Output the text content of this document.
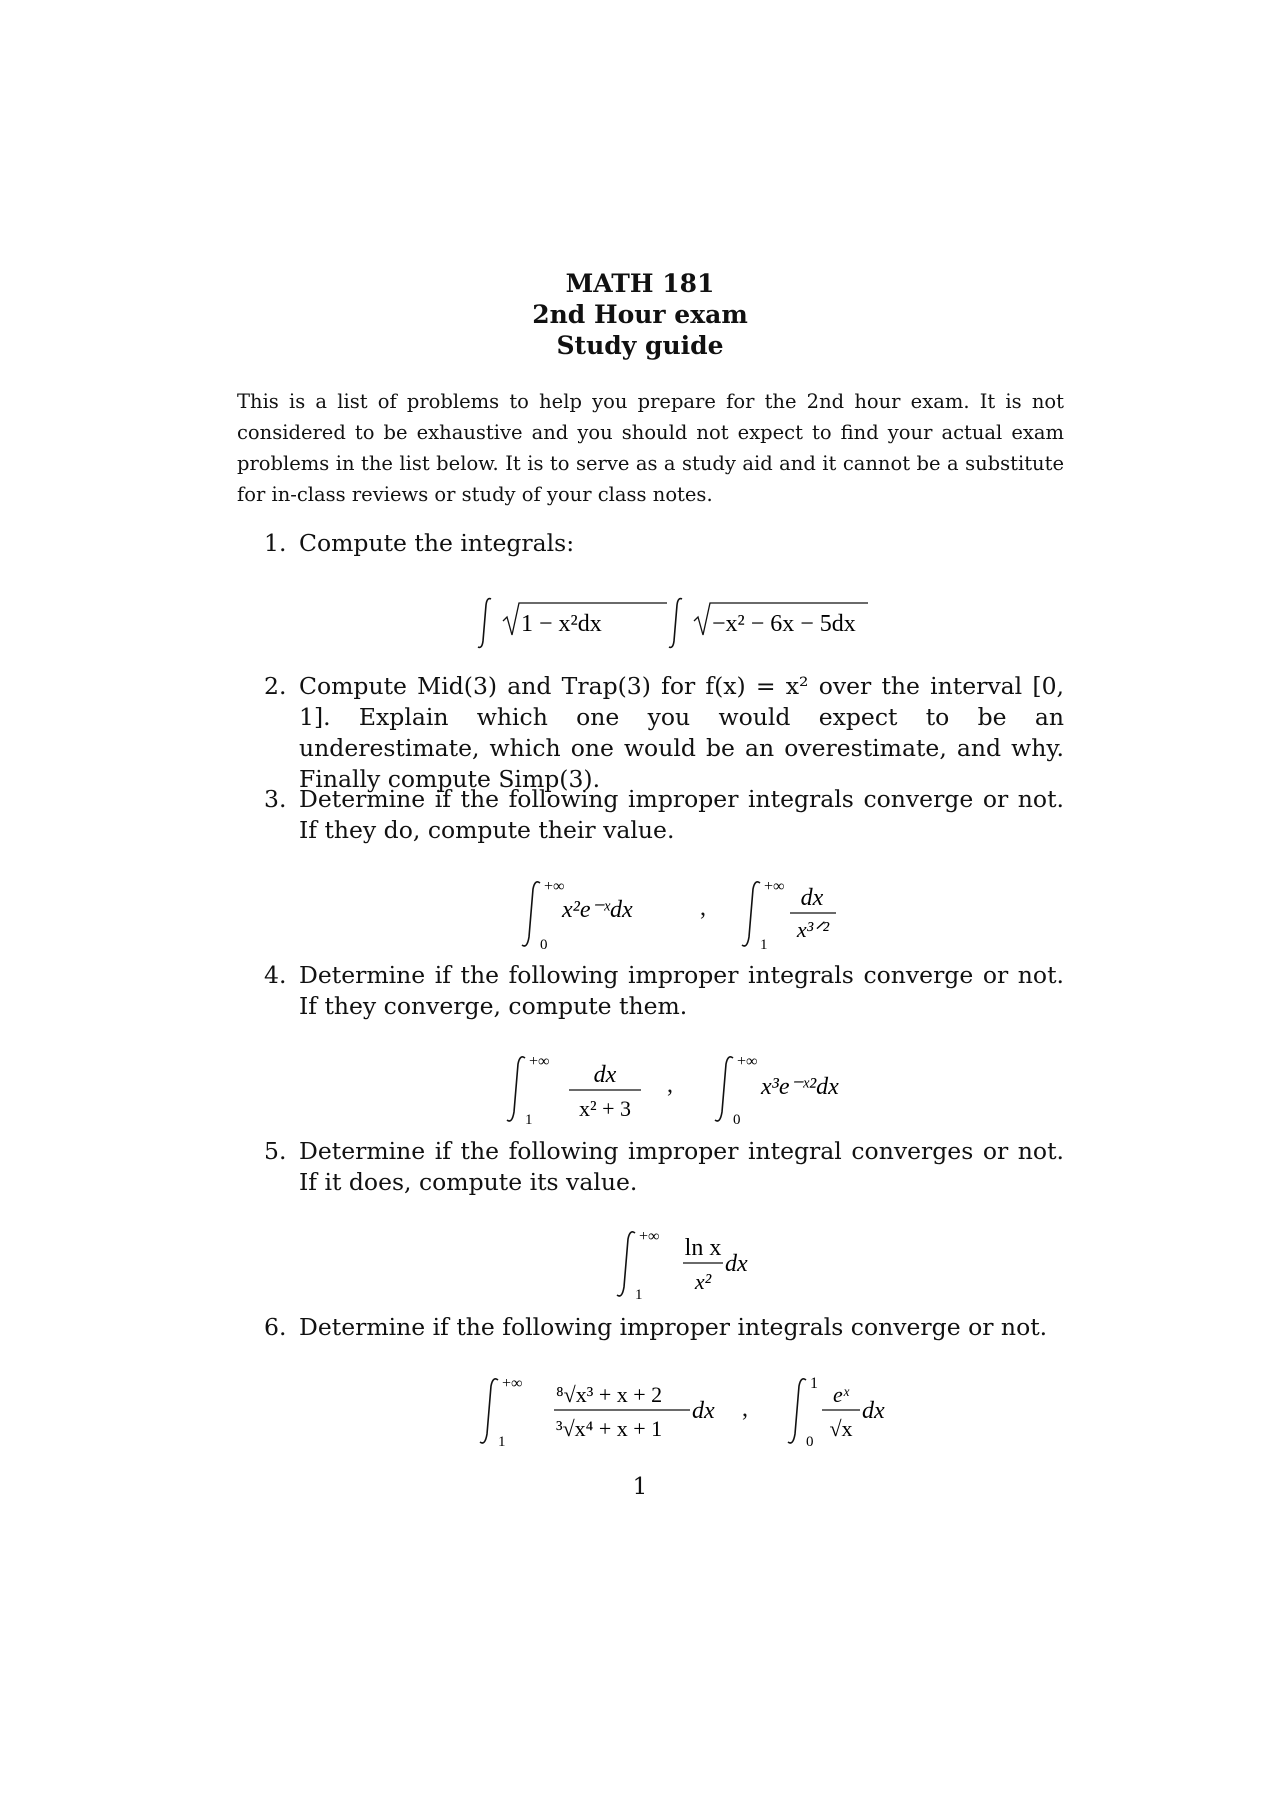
MATH 181
2nd Hour exam
Study guide
This is a list of problems to help you prepare for the 2nd hour exam. It is not considered to be exhaustive and you should not expect to find your actual exam problems in the list below. It is to serve as a study aid and it cannot be a substitute for in-class reviews or study of your class notes.
1. Compute the integrals:
1 − x²dx	−x² − 6x − 5dx
2. Compute Mid(3) and Trap(3) for f(x) = x² over the interval [0, 1]. Explain which one you would expect to be an underestimate, which one would be an overestimate, and why. Finally compute Simp(3).
3. Determine if the following improper integrals converge or not. If they do, compute their value.
+∞
0
x²e⁻ˣdx	,
+∞
1
dx
x³ᐟ²
4. Determine if the following improper integrals converge or not. If they converge, compute them.
+∞
1
dx
x² + 3
,
+∞
0
x³e⁻ˣ²dx
5. Determine if the following improper integral converges or not. If it does, compute its value.
+∞
1
ln x
x²
dx
6. Determine if the following improper integrals converge or not.
+∞
1
⁸√x³ + x + 2
³√x⁴ + x + 1
dx ,
1
0
eˣ
√x
dx
1
